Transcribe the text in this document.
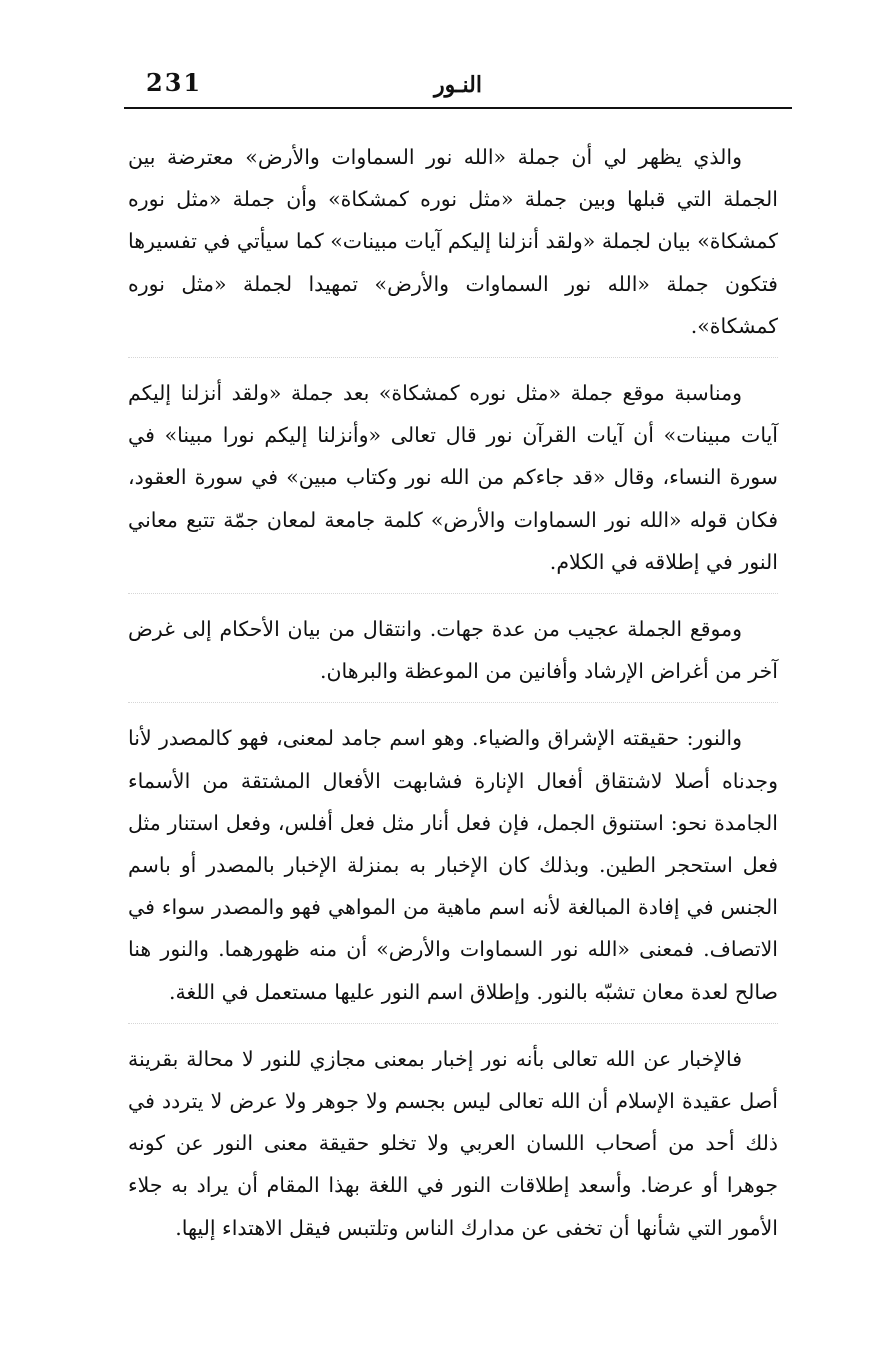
231	النـور

والذي يظهر لي أن جملة «الله نور السماوات والأرض» معترضة بين الجملة التي قبلها وبين جملة «مثل نوره كمشكاة» وأن جملة «مثل نوره كمشكاة» بيان لجملة «ولقد أنزلنا إليكم آيات مبينات» كما سيأتي في تفسيرها فتكون جملة «الله نور السماوات والأرض» تمهيدا لجملة «مثل نوره كمشكاة».

ومناسبة موقع جملة «مثل نوره كمشكاة» بعد جملة «ولقد أنزلنا إليكم آيات مبينات» أن آيات القرآن نور قال تعالى «وأنزلنا إليكم نورا مبينا» في سورة النساء، وقال «قد جاءكم من الله نور وكتاب مبين» في سورة العقود، فكان قوله «الله نور السماوات والأرض» كلمة جامعة لمعان جمّة تتبع معاني النور في إطلاقه في الكلام.

وموقع الجملة عجيب من عدة جهات. وانتقال من بيان الأحكام إلى غرض آخر من أغراض الإرشاد وأفانين من الموعظة والبرهان.

والنور: حقيقته الإشراق والضياء. وهو اسم جامد لمعنى، فهو كالمصدر لأنا وجدناه أصلا لاشتقاق أفعال الإنارة فشابهت الأفعال المشتقة من الأسماء الجامدة نحو: استنوق الجمل، فإن فعل أنار مثل فعل أفلس، وفعل استنار مثل فعل استحجر الطين. وبذلك كان الإخبار به بمنزلة الإخبار بالمصدر أو باسم الجنس في إفادة المبالغة لأنه اسم ماهية من المواهي فهو والمصدر سواء في الاتصاف. فمعنى «الله نور السماوات والأرض» أن منه ظهورهما. والنور هنا صالح لعدة معان تشبّه بالنور. وإطلاق اسم النور عليها مستعمل في اللغة.

فالإخبار عن الله تعالى بأنه نور إخبار بمعنى مجازي للنور لا محالة بقرينة أصل عقيدة الإسلام أن الله تعالى ليس بجسم ولا جوهر ولا عرض لا يتردد في ذلك أحد من أصحاب اللسان العربي ولا تخلو حقيقة معنى النور عن كونه جوهرا أو عرضا. وأسعد إطلاقات النور في اللغة بهذا المقام أن يراد به جلاء الأمور التي شأنها أن تخفى عن مدارك الناس وتلتبس فيقل الاهتداء إليها.
